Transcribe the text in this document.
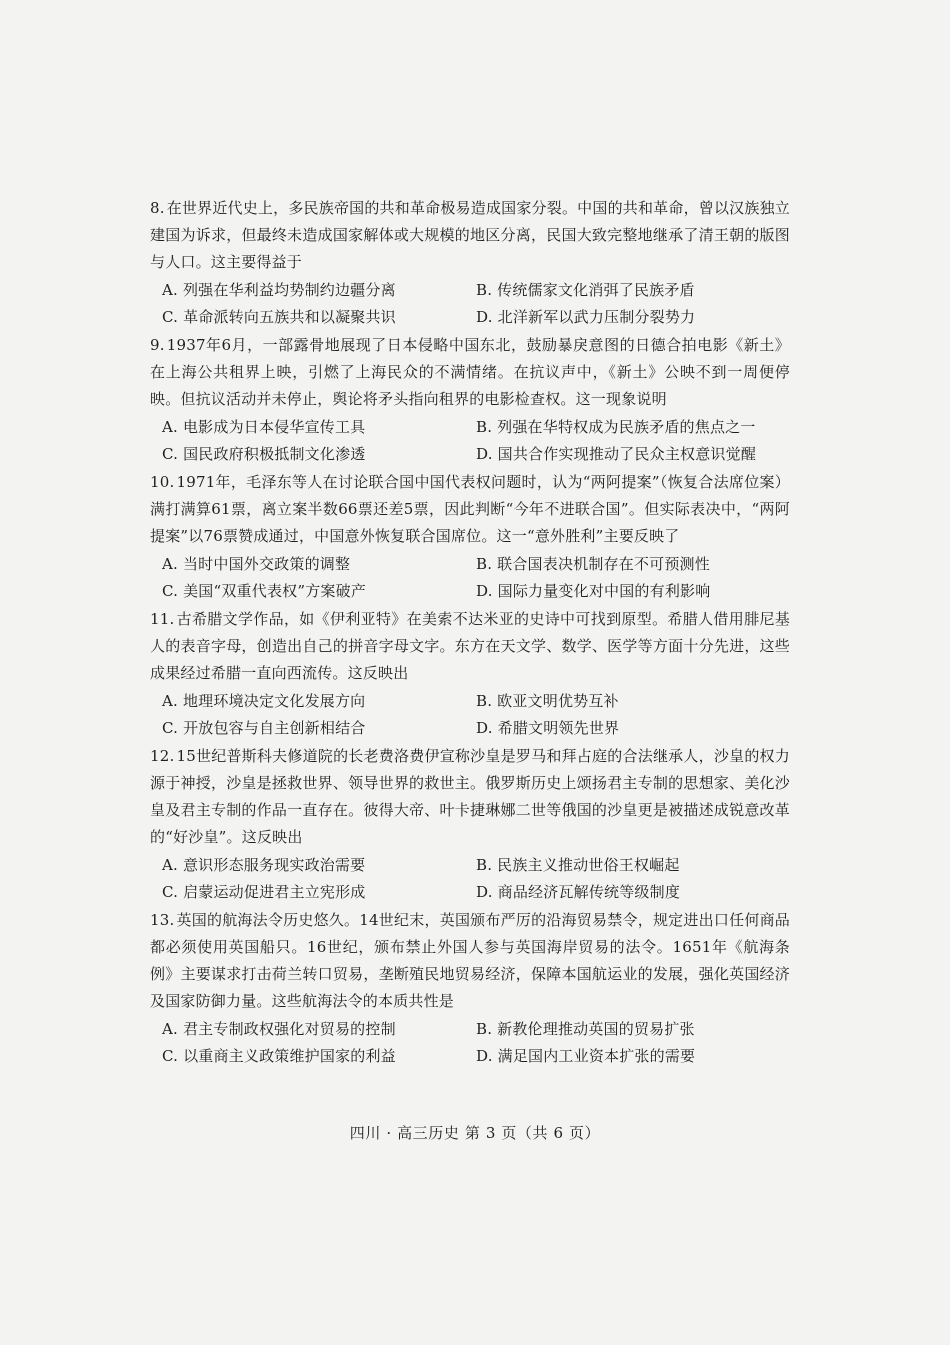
8. 在世界近代史上，多民族帝国的共和革命极易造成国家分裂。中国的共和革命，曾以汉族独立建国为诉求，但最终未造成国家解体或大规模的地区分离，民国大致完整地继承了清王朝的版图与人口。这主要得益于

A. 列强在华利益均势制约边疆分离	B. 传统儒家文化消弭了民族矛盾
C. 革命派转向五族共和以凝聚共识	D. 北洋新军以武力压制分裂势力

9. 1937年6月，一部露骨地展现了日本侵略中国东北，鼓励暴戾意图的日德合拍电影《新土》在上海公共租界上映，引燃了上海民众的不满情绪。在抗议声中，《新土》公映不到一周便停映。但抗议活动并未停止，舆论将矛头指向租界的电影检查权。这一现象说明

A. 电影成为日本侵华宣传工具	B. 列强在华特权成为民族矛盾的焦点之一
C. 国民政府积极抵制文化渗透	D. 国共合作实现推动了民众主权意识觉醒

10. 1971年，毛泽东等人在讨论联合国中国代表权问题时，认为“两阿提案”（恢复合法席位案）满打满算61票，离立案半数66票还差5票，因此判断“今年不进联合国”。但实际表决中，“两阿提案”以76票赞成通过，中国意外恢复联合国席位。这一“意外胜利”主要反映了

A. 当时中国外交政策的调整	B. 联合国表决机制存在不可预测性
C. 美国“双重代表权”方案破产	D. 国际力量变化对中国的有利影响

11. 古希腊文学作品，如《伊利亚特》在美索不达米亚的史诗中可找到原型。希腊人借用腓尼基人的表音字母，创造出自己的拼音字母文字。东方在天文学、数学、医学等方面十分先进，这些成果经过希腊一直向西流传。这反映出

A. 地理环境决定文化发展方向	B. 欧亚文明优势互补
C. 开放包容与自主创新相结合	D. 希腊文明领先世界

12. 15世纪普斯科夫修道院的长老费洛费伊宣称沙皇是罗马和拜占庭的合法继承人，沙皇的权力源于神授，沙皇是拯救世界、领导世界的救世主。俄罗斯历史上颂扬君主专制的思想家、美化沙皇及君主专制的作品一直存在。彼得大帝、叶卡捷琳娜二世等俄国的沙皇更是被描述成锐意改革的“好沙皇”。这反映出

A. 意识形态服务现实政治需要	B. 民族主义推动世俗王权崛起
C. 启蒙运动促进君主立宪形成	D. 商品经济瓦解传统等级制度

13. 英国的航海法令历史悠久。14世纪末，英国颁布严厉的沿海贸易禁令，规定进出口任何商品都必须使用英国船只。16世纪，颁布禁止外国人参与英国海岸贸易的法令。1651年《航海条例》主要谋求打击荷兰转口贸易，垄断殖民地贸易经济，保障本国航运业的发展，强化英国经济及国家防御力量。这些航海法令的本质共性是

A. 君主专制政权强化对贸易的控制	B. 新教伦理推动英国的贸易扩张
C. 以重商主义政策维护国家的利益	D. 满足国内工业资本扩张的需要
四川 · 高三历史 第 3 页（共 6 页）
